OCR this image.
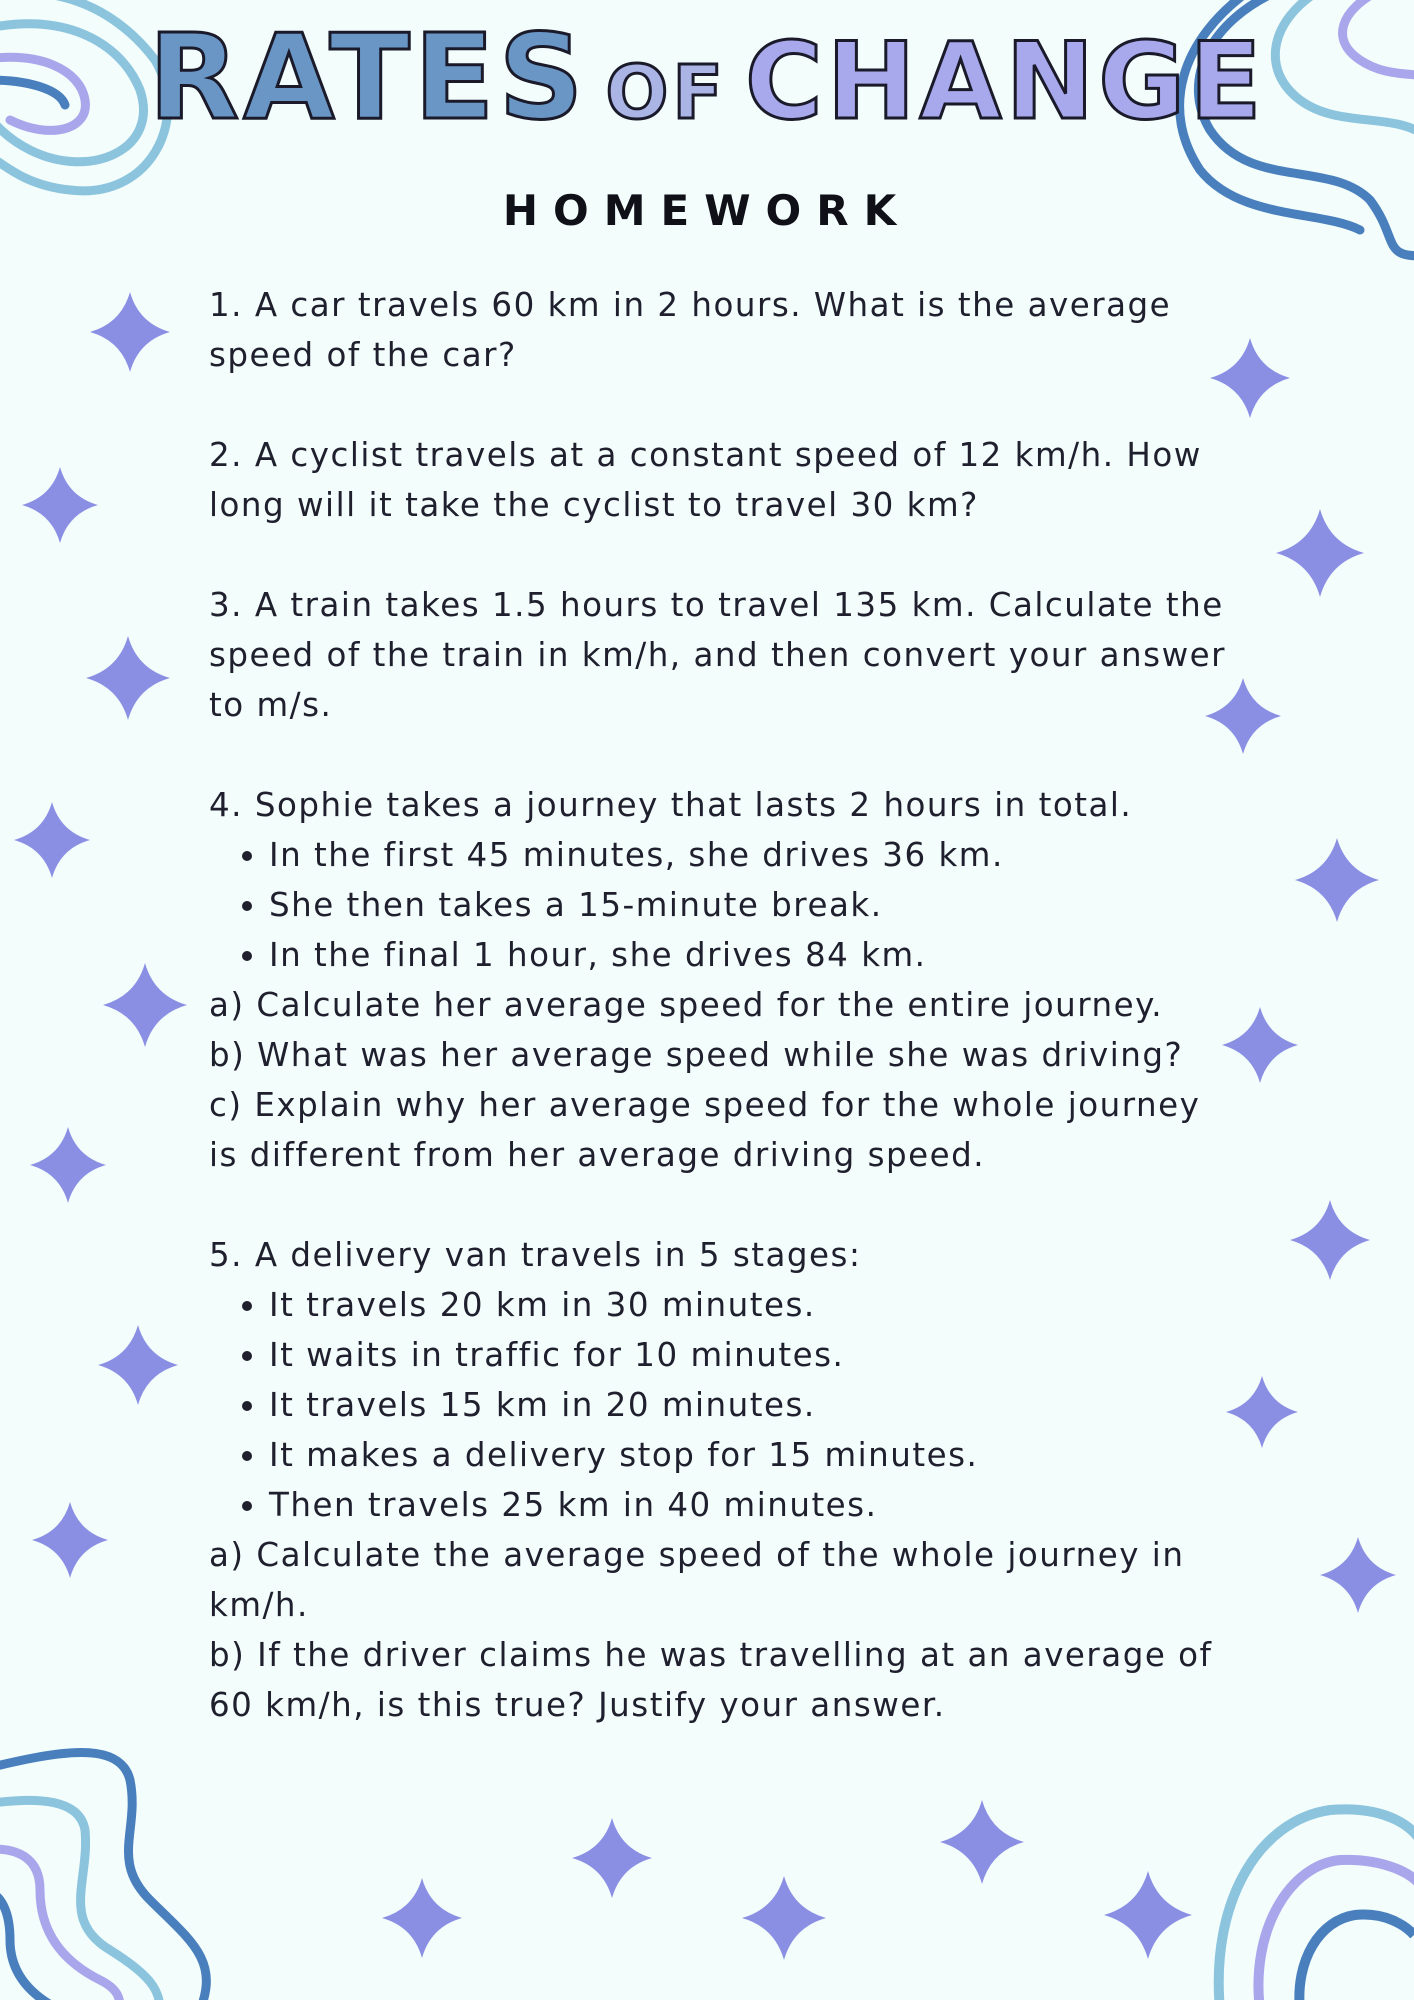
RATES OF CHANGE
HOMEWORK

1. A car travels 60 km in 2 hours. What is the average speed of the car?

2. A cyclist travels at a constant speed of 12 km/h. How long will it take the cyclist to travel 30 km?

3. A train takes 1.5 hours to travel 135 km. Calculate the speed of the train in km/h, and then convert your answer to m/s.

4. Sophie takes a journey that lasts 2 hours in total.

• In the first 45 minutes, she drives 36 km.
• She then takes a 15-minute break.
• In the final 1 hour, she drives 84 km.

a) Calculate her average speed for the entire journey.

b) What was her average speed while she was driving?

c) Explain why her average speed for the whole journey is different from her average driving speed.

5. A delivery van travels in 5 stages:

• It travels 20 km in 30 minutes.
• It waits in traffic for 10 minutes.
• It travels 15 km in 20 minutes.
• It makes a delivery stop for 15 minutes.
• Then travels 25 km in 40 minutes.

a) Calculate the average speed of the whole journey in km/h.

b) If the driver claims he was travelling at an average of 60 km/h, is this true? Justify your answer.
